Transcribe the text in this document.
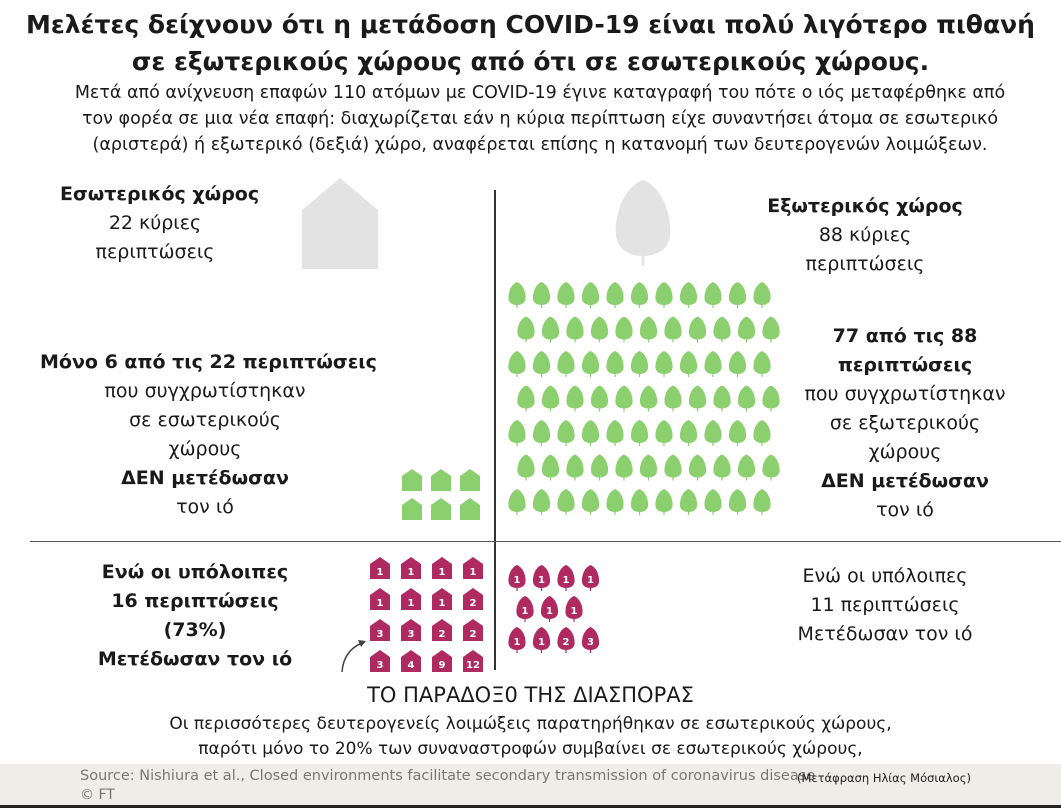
Μελέτες δείχνουν ότι η μετάδοση COVID-19 είναι πολύ λιγότερο πιθανή
σε εξωτερικούς χώρους από ότι σε εσωτερικούς χώρους.
Μετά από ανίχνευση επαφών 110 ατόμων με COVID-19 έγινε καταγραφή του πότε ο ιός μεταφέρθηκε από
τον φορέα σε μια νέα επαφή: διαχωρίζεται εάν η κύρια περίπτωση είχε συναντήσει άτομα σε εσωτερικό
(αριστερά) ή εξωτερικό (δεξιά) χώρο, αναφέρεται επίσης η κατανομή των δευτερογενών λοιμώξεων.
Εσωτερικός χώρος
22 κύριες
περιπτώσεις
Μόνο 6 από τις 22 περιπτώσεις
που συγχρωτίστηκαν
σε εσωτερικούς
χώρους
ΔΕΝ μετέδωσαν
τον ιό
Ενώ οι υπόλοιπες
16 περιπτώσεις
(73%)
Μετέδωσαν τον ιό
Εξωτερικός χώρος
88 κύριες
περιπτώσεις
77 από τις 88
περιπτώσεις
που συγχρωτίστηκαν
σε εξωτερικούς
χώρους
ΔΕΝ μετέδωσαν
τον ιό
Ενώ οι υπόλοιπες
11 περιπτώσεις
Μετέδωσαν τον ιό
1 1 1 1
1 1 1 2
3 3 2 2
3 4 9 12
1 1 1 1
1 1 1
1 1 2 3
ΤΟ ΠΑΡΑΔΟΞ0 ΤΗΣ ΔΙΑΣΠΟΡΑΣ
Οι περισσότερες δευτερογενείς λοιμώξεις παρατηρήθηκαν σε εσωτερικούς χώρους,
παρότι μόνο το 20% των συναναστροφών συμβαίνει σε εσωτερικούς χώρους,
Source: Nishiura et al., Closed environments facilitate secondary transmission of coronavirus disease
© FT
(Μετάφραση Ηλίας Μόσιαλος)
